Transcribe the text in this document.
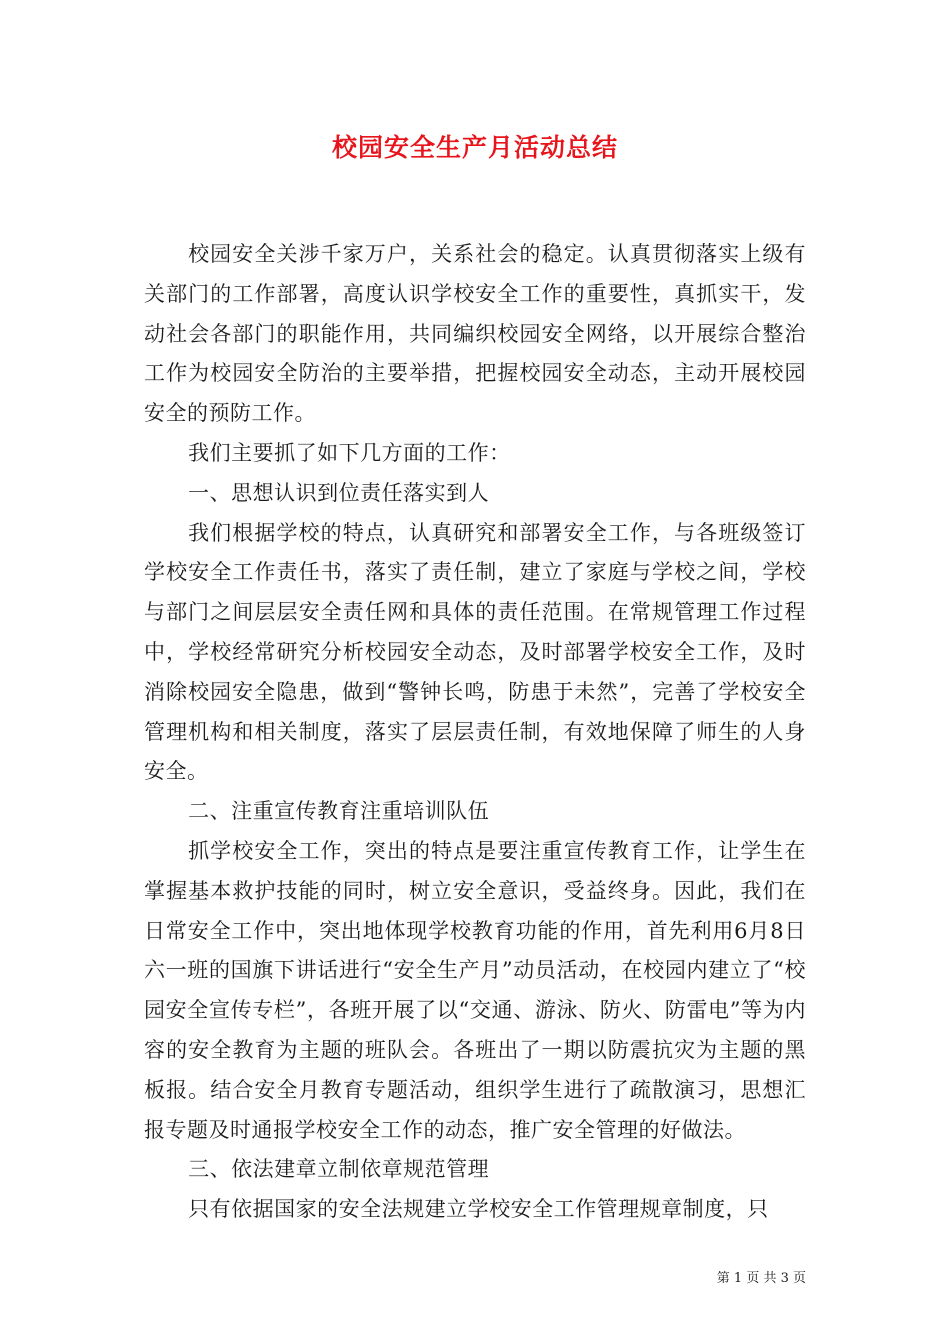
校园安全生产月活动总结

校园安全关涉千家万户，关系社会的稳定。认真贯彻落实上级有关部门的工作部署，高度认识学校安全工作的重要性，真抓实干，发动社会各部门的职能作用，共同编织校园安全网络，以开展综合整治工作为校园安全防治的主要举措，把握校园安全动态，主动开展校园安全的预防工作。

我们主要抓了如下几方面的工作：

一、思想认识到位责任落实到人

我们根据学校的特点，认真研究和部署安全工作，与各班级签订学校安全工作责任书，落实了责任制，建立了家庭与学校之间，学校与部门之间层层安全责任网和具体的责任范围。在常规管理工作过程中，学校经常研究分析校园安全动态，及时部署学校安全工作，及时消除校园安全隐患，做到“警钟长鸣，防患于未然”，完善了学校安全管理机构和相关制度，落实了层层责任制，有效地保障了师生的人身安全。

二、注重宣传教育注重培训队伍

抓学校安全工作，突出的特点是要注重宣传教育工作，让学生在掌握基本救护技能的同时，树立安全意识，受益终身。因此，我们在日常安全工作中，突出地体现学校教育功能的作用，首先利用6月8日六一班的国旗下讲话进行“安全生产月”动员活动，在校园内建立了“校园安全宣传专栏”，各班开展了以“交通、游泳、防火、防雷电”等为内容的安全教育为主题的班队会。各班出了一期以防震抗灾为主题的黑板报。结合安全月教育专题活动，组织学生进行了疏散演习，思想汇报专题及时通报学校安全工作的动态，推广安全管理的好做法。

三、依法建章立制依章规范管理

只有依据国家的安全法规建立学校安全工作管理规章制度，只

第 1 页 共 3 页
